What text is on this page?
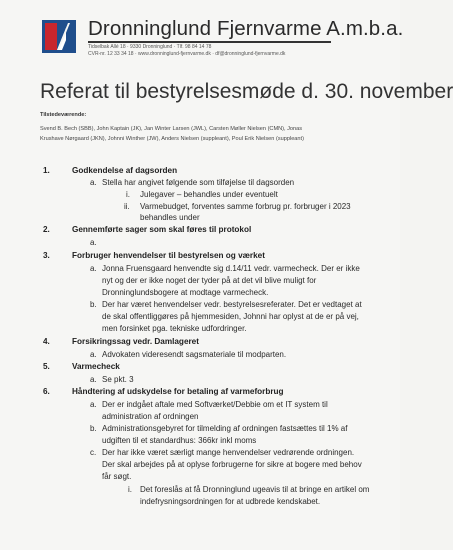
Dronninglund Fjernvarme A.m.b.a.
Tidselbak Allé 18 · 9330 Dronninglund · Tlf. 98 84 14 78
CVR-nr. 12 33 34 18 · www.dronninglund-fjernvarme.dk · df@dronninglund-fjernvarme.dk
Referat til bestyrelsesmøde d. 30. november
Tilstedeværende:
Svend B. Bech (SBB), John Kaptain (JK), Jan Winter Larsen (JWL), Carsten Møller Nielsen (CMN), Jonas
Krushave Nørgaard (JKN), Johnni Winther (JW), Anders Nielsen (suppleant), Poul Erik Nielsen (suppleant)
1.	Godkendelse af dagsorden
a. Stella har angivet følgende som tilføjelse til dagsorden
i. Julegaver – behandles under eventuelt
ii. Varmebudget, forventes samme forbrug pr. forbruger i 2023
behandles under
2.	Gennemførte sager som skal føres til protokol
a.
3.	Forbruger henvendelser til bestyrelsen og værket
a. Jonna Fruensgaard henvendte sig d.14/11 vedr. varmecheck. Der er ikke
nyt og der er ikke noget der tyder på at det vil blive muligt for
Dronninglundsbogere at modtage varmecheck.
b. Der har været henvendelser vedr. bestyrelsesreferater. Det er vedtaget at
de skal offentliggøres på hjemmesiden, Johnni har oplyst at de er på vej,
men forsinket pga. tekniske udfordringer.
4.	Forsikringssag vedr. Damlageret
a. Advokaten videresendt sagsmateriale til modparten.
5.	Varmecheck
a. Se pkt. 3
6.	Håndtering af udskydelse for betaling af varmeforbrug
a. Der er indgået aftale med Softværket/Debbie om et IT system til
administration af ordningen
b. Administrationsgebyret for tilmelding af ordningen fastsættes til 1% af
udgiften til et standardhus: 366kr inkl moms
c. Der har ikke været særligt mange henvendelser vedrørende ordningen.
Der skal arbejdes på at oplyse forbrugerne for sikre at bogere med behov
får søgt.
i. Det foreslås at få Dronninglund ugeavis til at bringe en artikel om
indefrysningsordningen for at udbrede kendskabet.
